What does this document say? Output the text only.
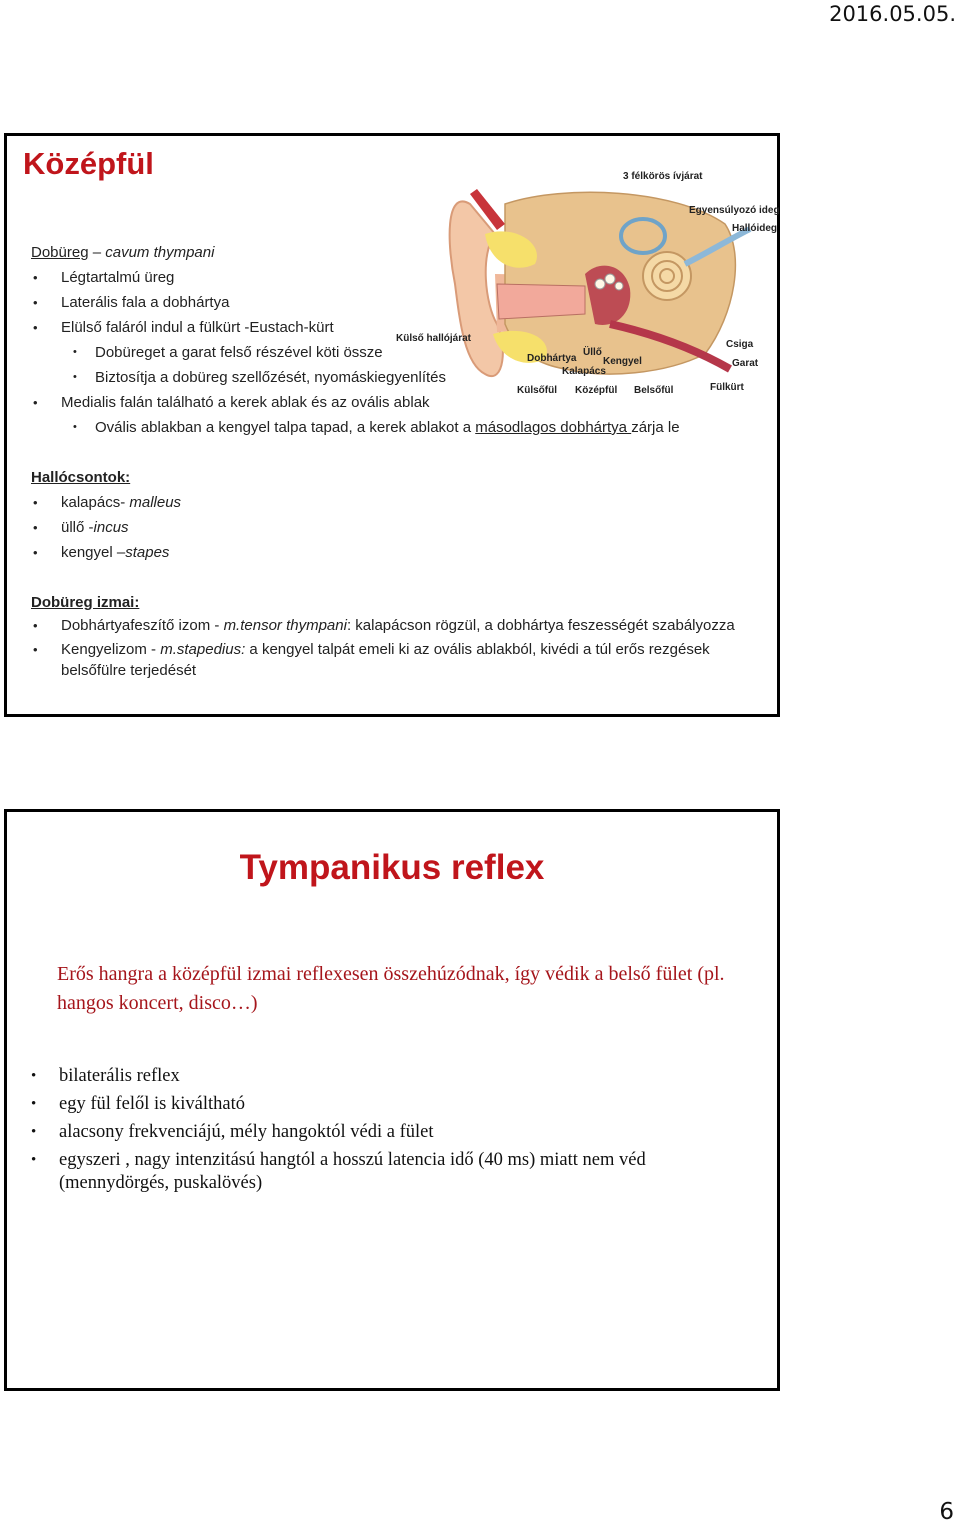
2016.05.05.
Középfül	3 félkörös ívjárat
Egyensúlyozó ideg
Hallóideg
Külső hallójárat
Üllő
Dobhártya	Kengyel
Kalapács
Csiga
Garat
Külsőfül Középfül Belsőfül	Fülkürt
Dobüreg – cavum thympani
• Légtartalmú üreg
• Laterális fala a dobhártya
• Elülső faláról indul a fülkürt -Eustach-kürt
• Dobüreget a garat felső részével köti össze
• Biztosítja a dobüreg szellőzését, nyomáskiegyenlítés
• Medialis falán található a kerek ablak és az ovális ablak
• Ovális ablakban a kengyel talpa tapad, a kerek ablakot a másodlagos dobhártya zárja le
Hallócsontok:
• kalapács- malleus
• üllő -incus
• kengyel –stapes
Dobüreg izmai:
• Dobhártyafeszítő izom - m.tensor thympani: kalapácson rögzül, a dobhártya feszességét szabályozza
• Kengyelizom - m.stapedius: a kengyel talpát emeli ki az ovális ablakból, kivédi a túl erős rezgések belsőfülre terjedését
Tympanikus reflex
Erős hangra a középfül izmai reflexesen összehúzódnak, így védik a belső fület (pl. hangos koncert, disco…)
• bilaterális reflex
• egy fül felől is kiváltható
• alacsony frekvenciájú, mély hangoktól védi a fület
• egyszeri , nagy intenzitású hangtól a hosszú latencia idő (40 ms) miatt nem véd (mennydörgés, puskalövés)
6
